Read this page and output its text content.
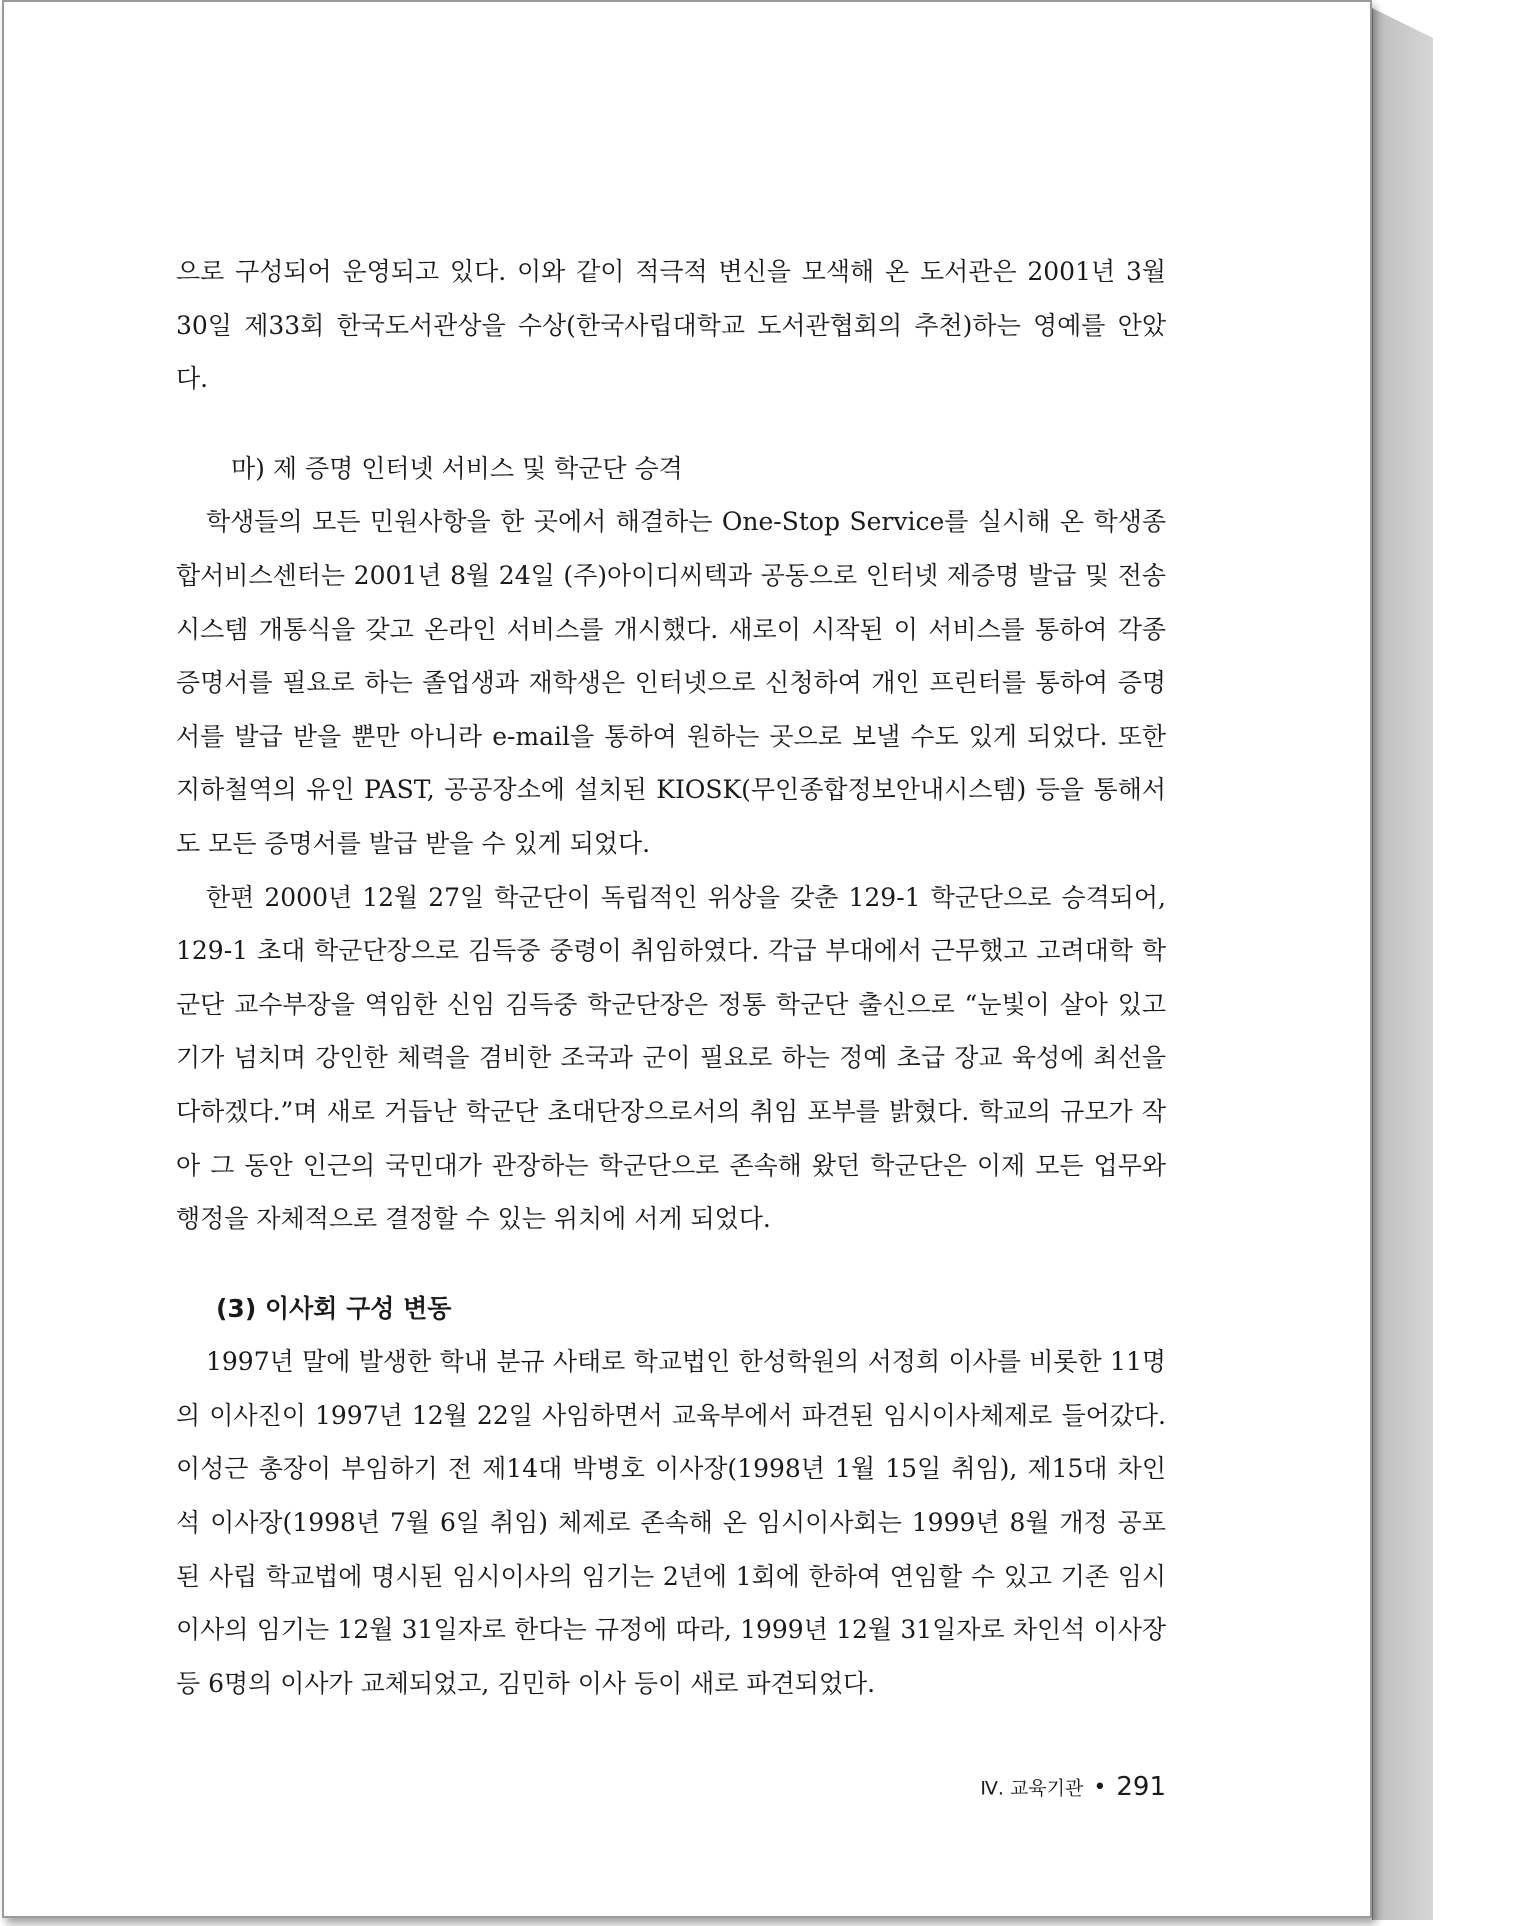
으로 구성되어 운영되고 있다. 이와 같이 적극적 변신을 모색해 온 도서관은 2001년 3월 30일 제33회 한국도서관상을 수상(한국사립대학교 도서관협회의 추천)하는 영예를 안았다.

마) 제 증명 인터넷 서비스 및 학군단 승격

학생들의 모든 민원사항을 한 곳에서 해결하는 One-Stop Service를 실시해 온 학생종합서비스센터는 2001년 8월 24일 (주)아이디씨텍과 공동으로 인터넷 제증명 발급 및 전송 시스템 개통식을 갖고 온라인 서비스를 개시했다. 새로이 시작된 이 서비스를 통하여 각종 증명서를 필요로 하는 졸업생과 재학생은 인터넷으로 신청하여 개인 프린터를 통하여 증명서를 발급 받을 뿐만 아니라 e-mail을 통하여 원하는 곳으로 보낼 수도 있게 되었다. 또한 지하철역의 유인 PAST, 공공장소에 설치된 KIOSK(무인종합정보안내시스템) 등을 통해서도 모든 증명서를 발급 받을 수 있게 되었다.

한편 2000년 12월 27일 학군단이 독립적인 위상을 갖춘 129-1 학군단으로 승격되어, 129-1 초대 학군단장으로 김득중 중령이 취임하였다. 각급 부대에서 근무했고 고려대학 학군단 교수부장을 역임한 신임 김득중 학군단장은 정통 학군단 출신으로 “눈빛이 살아 있고 기가 넘치며 강인한 체력을 겸비한 조국과 군이 필요로 하는 정예 초급 장교 육성에 최선을 다하겠다.”며 새로 거듭난 학군단 초대단장으로서의 취임 포부를 밝혔다. 학교의 규모가 작아 그 동안 인근의 국민대가 관장하는 학군단으로 존속해 왔던 학군단은 이제 모든 업무와 행정을 자체적으로 결정할 수 있는 위치에 서게 되었다.

(3) 이사회 구성 변동

1997년 말에 발생한 학내 분규 사태로 학교법인 한성학원의 서정희 이사를 비롯한 11명의 이사진이 1997년 12월 22일 사임하면서 교육부에서 파견된 임시이사체제로 들어갔다. 이성근 총장이 부임하기 전 제14대 박병호 이사장(1998년 1월 15일 취임), 제15대 차인석 이사장(1998년 7월 6일 취임) 체제로 존속해 온 임시이사회는 1999년 8월 개정 공포된 사립 학교법에 명시된 임시이사의 임기는 2년에 1회에 한하여 연임할 수 있고 기존 임시이사의 임기는 12월 31일자로 한다는 규정에 따라, 1999년 12월 31일자로 차인석 이사장 등 6명의 이사가 교체되었고, 김민하 이사 등이 새로 파견되었다.

Ⅳ. 교육기관 • 291
